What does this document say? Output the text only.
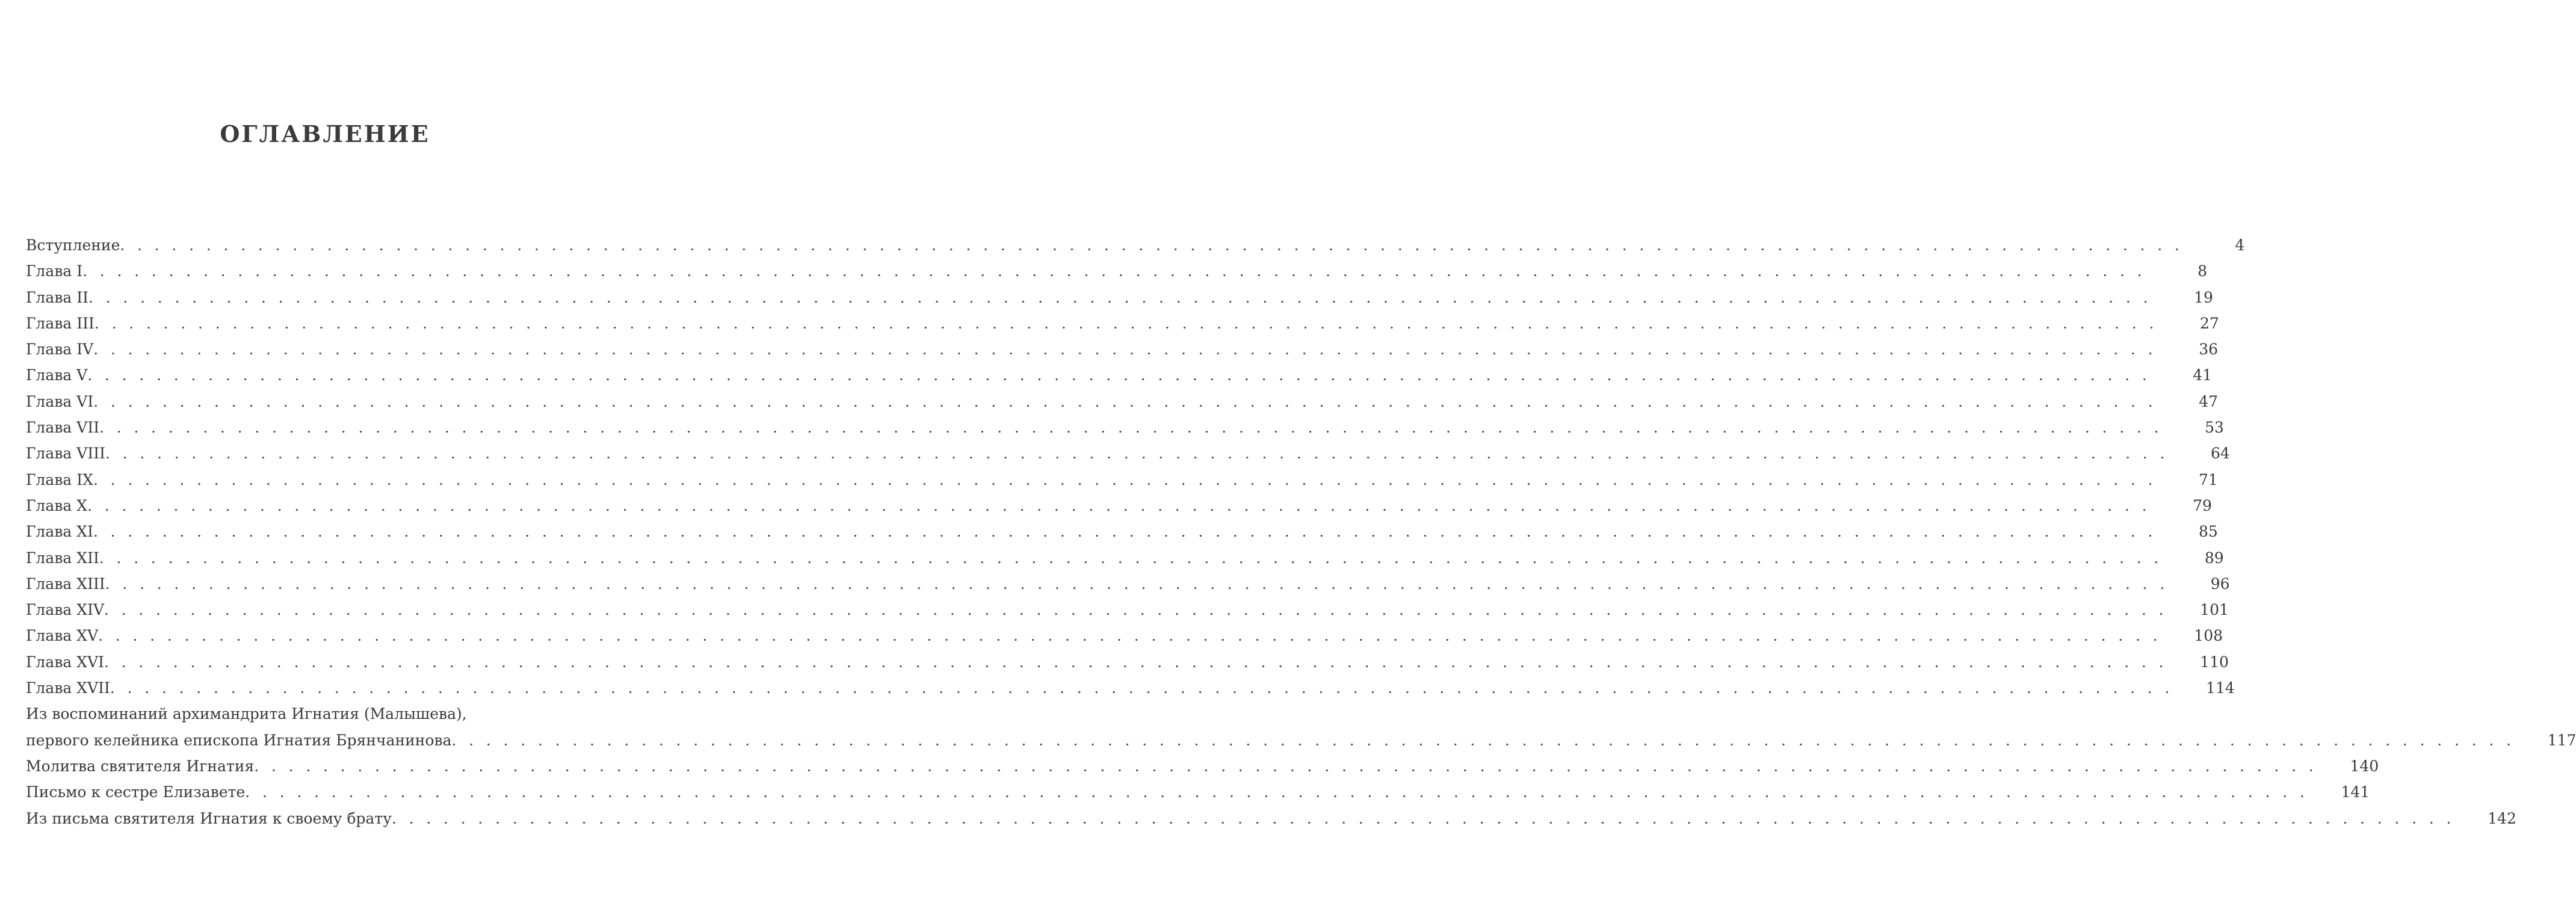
ОГЛАВЛЕНИЕ
Вступление . . . . . . . . . . . . . . . . . . . . . . . . . . . . . . . . . . . . . . . . . . . . . . . . . . . . . . . . . . . . . . . . . . . . . . . . . . . . . . . . . . . . . . . . . . . . . . . . . . . . . . . . . . . . . . . . . . . . . . . .	4
Глава I . . . . . . . . . . . . . . . . . . . . . . . . . . . . . . . . . . . . . . . . . . . . . . . . . . . . . . . . . . . . . . . . . . . . . . . . . . . . . . . . . . . . . . . . . . . . . . . . . . . . . . . . . . . . . . . . . . . . . . . .	8
Глава II . . . . . . . . . . . . . . . . . . . . . . . . . . . . . . . . . . . . . . . . . . . . . . . . . . . . . . . . . . . . . . . . . . . . . . . . . . . . . . . . . . . . . . . . . . . . . . . . . . . . . . . . . . . . . . . . . . . . . . . .	19
Глава III . . . . . . . . . . . . . . . . . . . . . . . . . . . . . . . . . . . . . . . . . . . . . . . . . . . . . . . . . . . . . . . . . . . . . . . . . . . . . . . . . . . . . . . . . . . . . . . . . . . . . . . . . . . . . . . . . . . . . . . .	27
Глава IV . . . . . . . . . . . . . . . . . . . . . . . . . . . . . . . . . . . . . . . . . . . . . . . . . . . . . . . . . . . . . . . . . . . . . . . . . . . . . . . . . . . . . . . . . . . . . . . . . . . . . . . . . . . . . . . . . . . . . . . .	36
Глава V . . . . . . . . . . . . . . . . . . . . . . . . . . . . . . . . . . . . . . . . . . . . . . . . . . . . . . . . . . . . . . . . . . . . . . . . . . . . . . . . . . . . . . . . . . . . . . . . . . . . . . . . . . . . . . . . . . . . . . . .	41
Глава VI . . . . . . . . . . . . . . . . . . . . . . . . . . . . . . . . . . . . . . . . . . . . . . . . . . . . . . . . . . . . . . . . . . . . . . . . . . . . . . . . . . . . . . . . . . . . . . . . . . . . . . . . . . . . . . . . . . . . . . . .	47
Глава VII . . . . . . . . . . . . . . . . . . . . . . . . . . . . . . . . . . . . . . . . . . . . . . . . . . . . . . . . . . . . . . . . . . . . . . . . . . . . . . . . . . . . . . . . . . . . . . . . . . . . . . . . . . . . . . . . . . . . . . . .	53
Глава VIII . . . . . . . . . . . . . . . . . . . . . . . . . . . . . . . . . . . . . . . . . . . . . . . . . . . . . . . . . . . . . . . . . . . . . . . . . . . . . . . . . . . . . . . . . . . . . . . . . . . . . . . . . . . . . . . . . . . . . . . .	64
Глава IX . . . . . . . . . . . . . . . . . . . . . . . . . . . . . . . . . . . . . . . . . . . . . . . . . . . . . . . . . . . . . . . . . . . . . . . . . . . . . . . . . . . . . . . . . . . . . . . . . . . . . . . . . . . . . . . . . . . . . . . .	71
Глава X . . . . . . . . . . . . . . . . . . . . . . . . . . . . . . . . . . . . . . . . . . . . . . . . . . . . . . . . . . . . . . . . . . . . . . . . . . . . . . . . . . . . . . . . . . . . . . . . . . . . . . . . . . . . . . . . . . . . . . . .	79
Глава XI . . . . . . . . . . . . . . . . . . . . . . . . . . . . . . . . . . . . . . . . . . . . . . . . . . . . . . . . . . . . . . . . . . . . . . . . . . . . . . . . . . . . . . . . . . . . . . . . . . . . . . . . . . . . . . . . . . . . . . . .	85
Глава XII . . . . . . . . . . . . . . . . . . . . . . . . . . . . . . . . . . . . . . . . . . . . . . . . . . . . . . . . . . . . . . . . . . . . . . . . . . . . . . . . . . . . . . . . . . . . . . . . . . . . . . . . . . . . . . . . . . . . . . . .	89
Глава XIII . . . . . . . . . . . . . . . . . . . . . . . . . . . . . . . . . . . . . . . . . . . . . . . . . . . . . . . . . . . . . . . . . . . . . . . . . . . . . . . . . . . . . . . . . . . . . . . . . . . . . . . . . . . . . . . . . . . . . . . .	96
Глава XIV . . . . . . . . . . . . . . . . . . . . . . . . . . . . . . . . . . . . . . . . . . . . . . . . . . . . . . . . . . . . . . . . . . . . . . . . . . . . . . . . . . . . . . . . . . . . . . . . . . . . . . . . . . . . . . . . . . . . . . . . 101
Глава XV . . . . . . . . . . . . . . . . . . . . . . . . . . . . . . . . . . . . . . . . . . . . . . . . . . . . . . . . . . . . . . . . . . . . . . . . . . . . . . . . . . . . . . . . . . . . . . . . . . . . . . . . . . . . . . . . . . . . . . . . 108
Глава XVI . . . . . . . . . . . . . . . . . . . . . . . . . . . . . . . . . . . . . . . . . . . . . . . . . . . . . . . . . . . . . . . . . . . . . . . . . . . . . . . . . . . . . . . . . . . . . . . . . . . . . . . . . . . . . . . . . . . . . . . . 110
Глава XVII . . . . . . . . . . . . . . . . . . . . . . . . . . . . . . . . . . . . . . . . . . . . . . . . . . . . . . . . . . . . . . . . . . . . . . . . . . . . . . . . . . . . . . . . . . . . . . . . . . . . . . . . . . . . . . . . . . . . . . . . 114
Из воспоминаний архимандрита Игнатия (Малышева),
первого келейника епископа Игнатия Брянчанинова . . . . . . . . . . . . . . . . . . . . . . . . . . . . . . . . . . . . . . . . . . . . . . . . . . . . . . . . . . . . . . . . . . . . . . . . . . . . . . . . . . . . . . . . . . . . . . . . . . . . . . . . . . . . . . . . . . . . . . . . 117
Молитва святителя Игнатия . . . . . . . . . . . . . . . . . . . . . . . . . . . . . . . . . . . . . . . . . . . . . . . . . . . . . . . . . . . . . . . . . . . . . . . . . . . . . . . . . . . . . . . . . . . . . . . . . . . . . . . . . . . . . . . . . . . . . . . . 140
Письмо к сестре Елизавете . . . . . . . . . . . . . . . . . . . . . . . . . . . . . . . . . . . . . . . . . . . . . . . . . . . . . . . . . . . . . . . . . . . . . . . . . . . . . . . . . . . . . . . . . . . . . . . . . . . . . . . . . . . . . . . . . . . . . . . . 141
Из письма святителя Игнатия к своему брату . . . . . . . . . . . . . . . . . . . . . . . . . . . . . . . . . . . . . . . . . . . . . . . . . . . . . . . . . . . . . . . . . . . . . . . . . . . . . . . . . . . . . . . . . . . . . . . . . . . . . . . . . . . . . . . . . . . . . . . . 142
